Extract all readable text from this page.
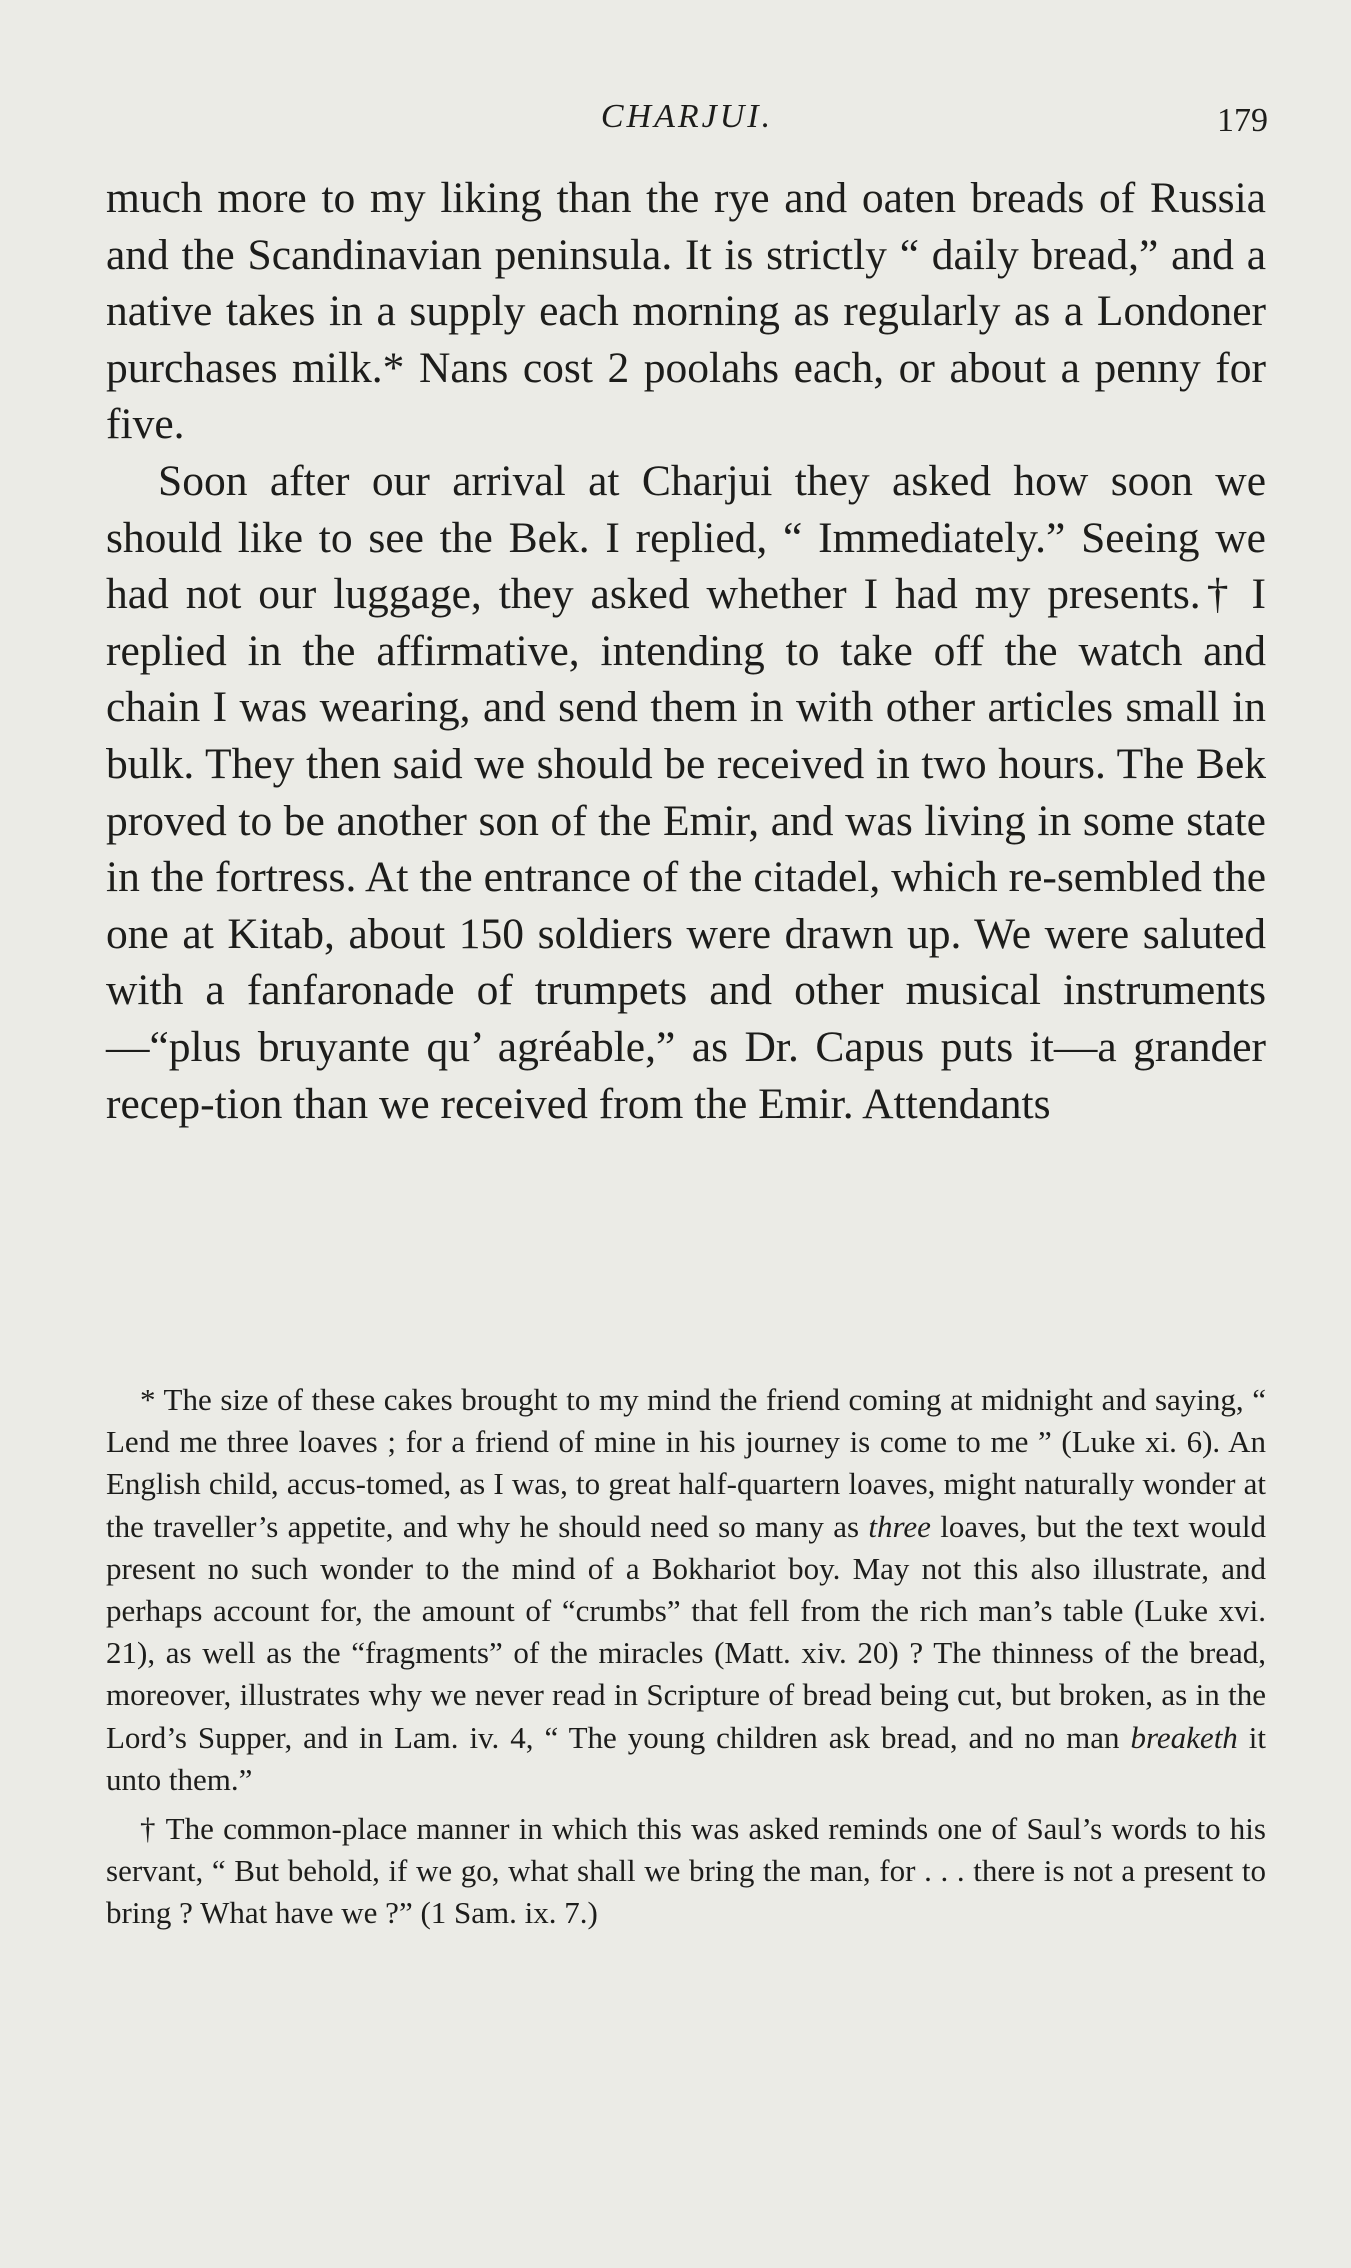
CHARJUI.	179

much more to my liking than the rye and oaten breads of Russia and the Scandinavian peninsula. It is strictly “ daily bread,” and a native takes in a supply each morning as regularly as a Londoner purchases milk.* Nans cost 2 poolahs each, or about a penny for five.

Soon after our arrival at Charjui they asked how soon we should like to see the Bek. I replied, “ Immediately.” Seeing we had not our luggage, they asked whether I had my presents.† I replied in the affirmative, intending to take off the watch and chain I was wearing, and send them in with other articles small in bulk. They then said we should be received in two hours. The Bek proved to be another son of the Emir, and was living in some state in the fortress. At the entrance of the citadel, which re-sembled the one at Kitab, about 150 soldiers were drawn up. We were saluted with a fanfaronade of trumpets and other musical instruments—“plus bruyante qu’ agréable,” as Dr. Capus puts it—a grander recep-tion than we received from the Emir. Attendants

* The size of these cakes brought to my mind the friend coming at midnight and saying, “ Lend me three loaves ; for a friend of mine in his journey is come to me ” (Luke xi. 6). An English child, accus-tomed, as I was, to great half-quartern loaves, might naturally wonder at the traveller’s appetite, and why he should need so many as three loaves, but the text would present no such wonder to the mind of a Bokhariot boy. May not this also illustrate, and perhaps account for, the amount of “crumbs” that fell from the rich man’s table (Luke xvi. 21), as well as the “fragments” of the miracles (Matt. xiv. 20) ? The thinness of the bread, moreover, illustrates why we never read in Scripture of bread being cut, but broken, as in the Lord’s Supper, and in Lam. iv. 4, “ The young children ask bread, and no man breaketh it unto them.”

† The common-place manner in which this was asked reminds one of Saul’s words to his servant, “ But behold, if we go, what shall we bring the man, for . . . there is not a present to bring ? What have we ?” (1 Sam. ix. 7.)
